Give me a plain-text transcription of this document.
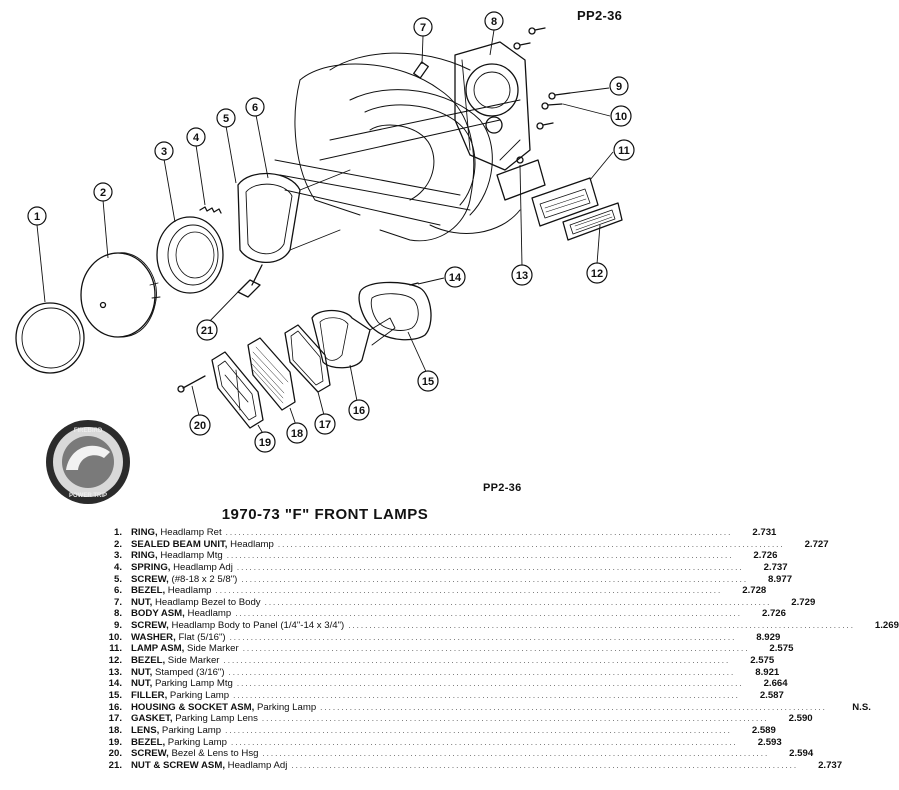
PP2-36
1
2
3
4
5
6
7	8
9
10
11
12
13
14
15
16
17
18
19
20
21
FIREBIRD
POWER TRIP
PP2-36
1970-73 "F" FRONT LAMPS
1. RING, Headlamp Ret ........................................................................................................................	2.731
2. SEALED BEAM UNIT, Headlamp ........................................................................................................................	2.727
3. RING, Headlamp Mtg ........................................................................................................................	2.726
4. SPRING, Headlamp Adj ........................................................................................................................	2.737
5. SCREW, (#8-18 x 2 5/8") ........................................................................................................................	8.977
6. BEZEL, Headlamp ........................................................................................................................	2.728
7. NUT, Headlamp Bezel to Body ........................................................................................................................	2.729
8. BODY ASM, Headlamp ........................................................................................................................	2.726
9. SCREW, Headlamp Body to Panel (1/4"-14 x 3/4") ........................................................................................................................	1.269
10. WASHER, Flat (5/16") ........................................................................................................................	8.929
11. LAMP ASM, Side Marker ........................................................................................................................	2.575
12. BEZEL, Side Marker ........................................................................................................................	2.575
13. NUT, Stamped (3/16") ........................................................................................................................	8.921
14. NUT, Parking Lamp Mtg ........................................................................................................................	2.664
15. FILLER, Parking Lamp ........................................................................................................................	2.587
16. HOUSING & SOCKET ASM, Parking Lamp ........................................................................................................................	N.S.
17. GASKET, Parking Lamp Lens ........................................................................................................................	2.590
18. LENS, Parking Lamp ........................................................................................................................	2.589
19. BEZEL, Parking Lamp ........................................................................................................................	2.593
20. SCREW, Bezel & Lens to Hsg ........................................................................................................................	2.594
21. NUT & SCREW ASM, Headlamp Adj ........................................................................................................................	2.737
